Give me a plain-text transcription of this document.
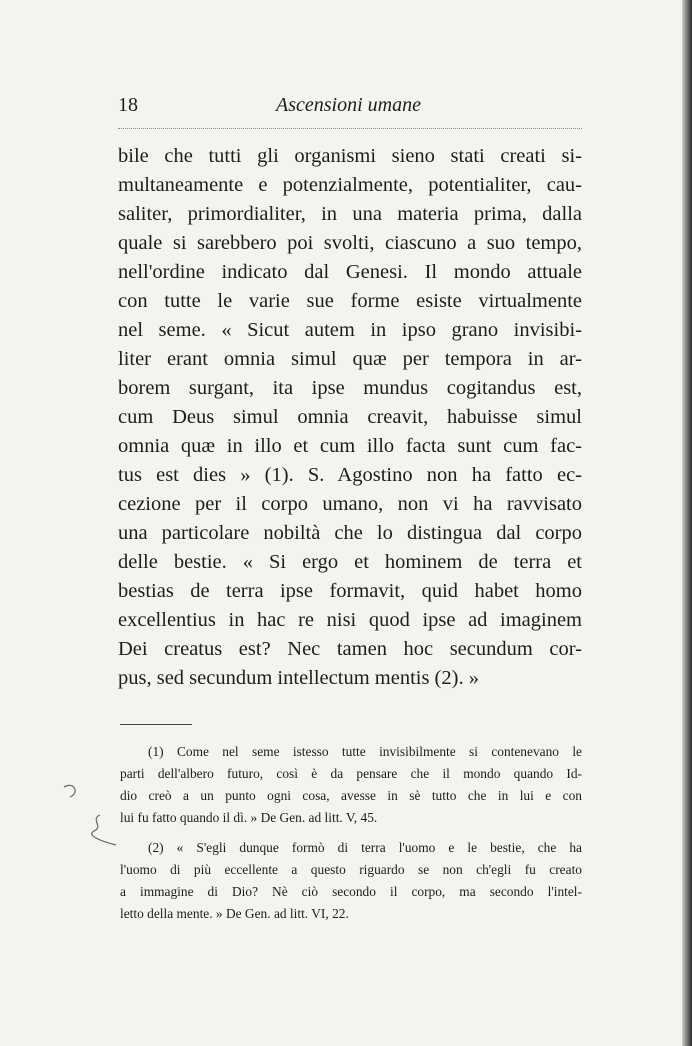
18	Ascensioni umane
bile che tutti gli organismi sieno stati creati si-
multaneamente e potenzialmente, potentialiter, cau-
saliter, primordialiter, in una materia prima, dalla
quale si sarebbero poi svolti, ciascuno a suo tempo,
nell'ordine indicato dal Genesi. Il mondo attuale
con tutte le varie sue forme esiste virtualmente
nel seme. « Sicut autem in ipso grano invisibi-
liter erant omnia simul quæ per tempora in ar-
borem surgant, ita ipse mundus cogitandus est,
cum Deus simul omnia creavit, habuisse simul
omnia quæ in illo et cum illo facta sunt cum fac-
tus est dies » (1). S. Agostino non ha fatto ec-
cezione per il corpo umano, non vi ha ravvisato
una particolare nobiltà che lo distingua dal corpo
delle bestie. « Si ergo et hominem de terra et
bestias de terra ipse formavit, quid habet homo
excellentius in hac re nisi quod ipse ad imaginem
Dei creatus est? Nec tamen hoc secundum cor-
pus, sed secundum intellectum mentis (2). »
(1) Come nel seme istesso tutte invisibilmente si contenevano le
parti dell'albero futuro, così è da pensare che il mondo quando Id-
dio creò a un punto ogni cosa, avesse in sè tutto che in lui e con
lui fu fatto quando il dì. » De Gen. ad litt. V, 45.
(2) « S'egli dunque formò di terra l'uomo e le bestie, che ha
l'uomo di più eccellente a questo riguardo se non ch'egli fu creato
a immagine di Dio? Nè ciò secondo il corpo, ma secondo l'intel-
letto della mente. » De Gen. ad litt. VI, 22.
